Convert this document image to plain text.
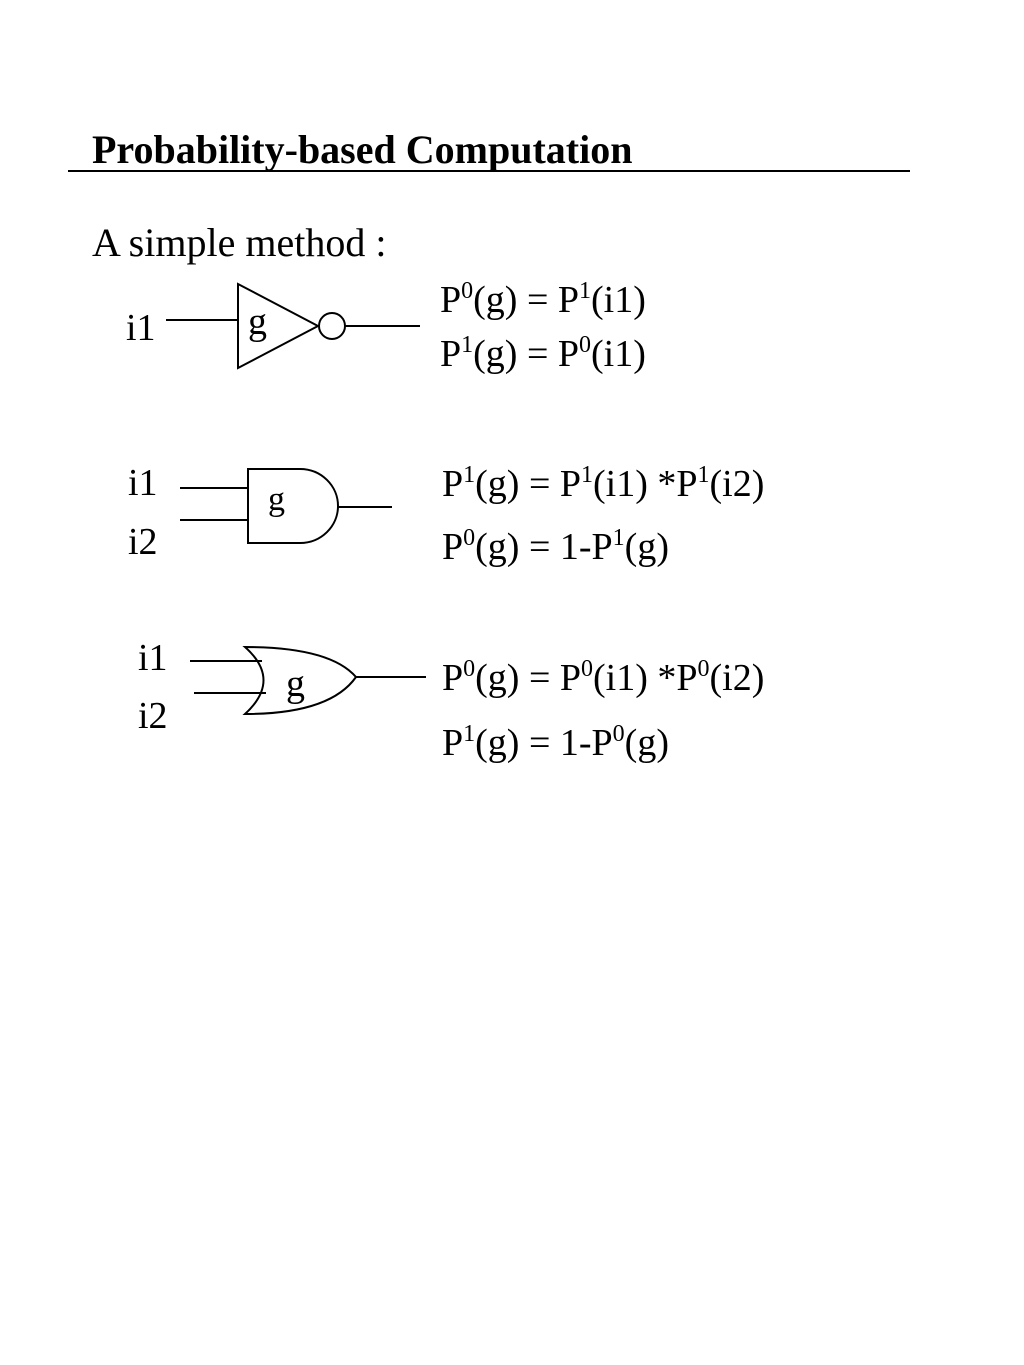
Probability-based Computation
A simple method :
i1 g
$P^0(g) = P^1(i1)$
$P^1(g) = P^0(i1)$
i1
i2
g	$P^1(g) = P^1(i1)$ $*P^1(i2)$
$P^0(g) = 1-P^1(g)$
i1
i2
g	$P^0(g) = P^0(i1)$ $*P^0(i2)$
$P^1(g) = 1-P^0(g)$
